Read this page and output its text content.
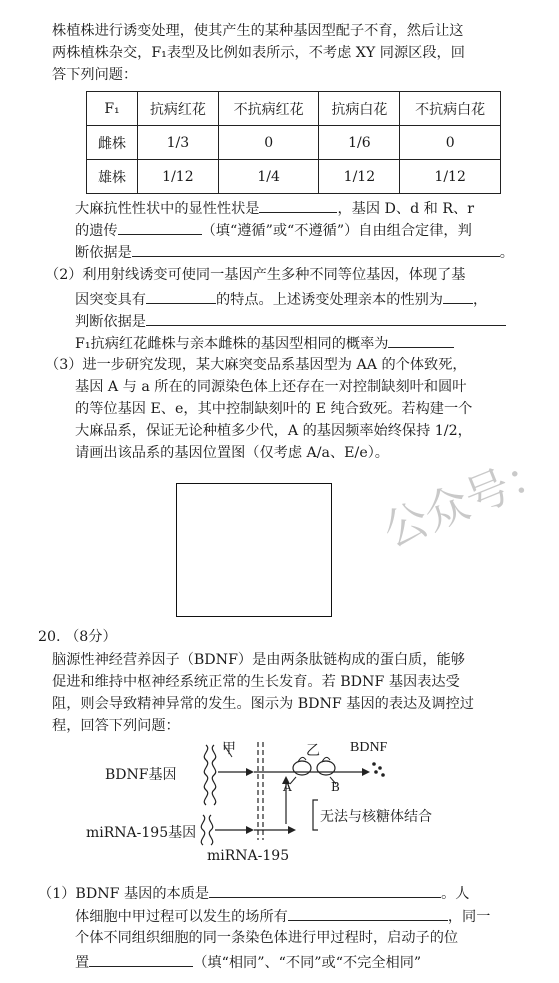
株植株进行诱变处理，使其产生的某种基因型配子不育，然后让这
两株植株杂交，F₁表型及比例如表所示，不考虑 XY 同源区段，回
答下列问题：
F₁	抗病红花	不抗病红花	抗病白花	不抗病白花
雌株	1/3	0	1/6	0
雄株	1/12	1/4	1/12	1/12
大麻抗性性状中的显性性状是	，基因 D、d 和 R、r
的遗传	（填“遵循”或“不遵循”）自由组合定律，判
断依据是	。
（2）利用射线诱变可使同一基因产生多种不同等位基因，体现了基
因突变具有	的特点。上述诱变处理亲本的性别为 ，
判断依据是
F₁抗病红花雌株与亲本雌株的基因型相同的概率为
（3）进一步研究发现，某大麻突变品系基因型为 AA 的个体致死，
基因 A 与 a 所在的同源染色体上还存在一对控制缺刻叶和圆叶
的等位基因 E、e，其中控制缺刻叶的 E 纯合致死。若构建一个
大麻品系，保证无论种植多少代，A 的基因频率始终保持 1/2，
请画出该品系的基因位置图（仅考虑 A/a、E/e）。
公众号：
20. （8分）
脑源性神经营养因子（BDNF）是由两条肽链构成的蛋白质，能够
促进和维持中枢神经系统正常的生长发育。若 BDNF 基因表达受
阻，则会导致精神异常的发生。图示为 BDNF 基因的表达及调控过
程，回答下列问题：
甲	乙 BDNF
BDNF基因
A	B
miRNA-195基因
无法与核糖体结合
miRNA-195
（1）BDNF 基因的本质是	。人
体细胞中甲过程可以发生的场所有	，同一
个体不同组织细胞的同一条染色体进行甲过程时，启动子的位
置	（填“相同”、“不同”或“不完全相同”
